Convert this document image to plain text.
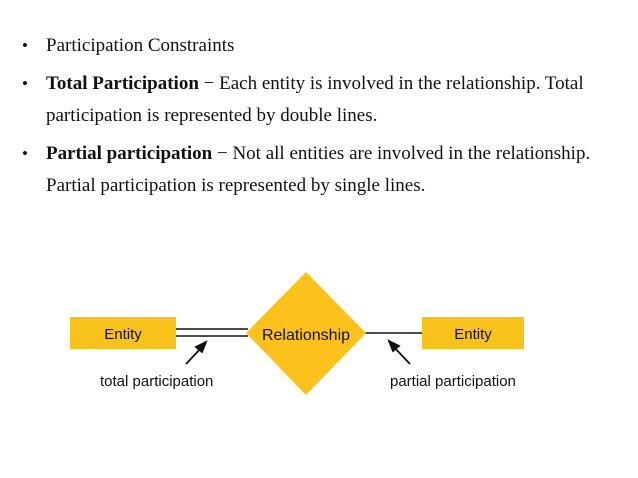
• Participation Constraints
• Total Participation − Each entity is involved in the relationship. Total participation is represented by double lines.
• Partial participation − Not all entities are involved in the relationship. Partial participation is represented by single lines.
Entity	Relationship	Entity
total participation	partial participation
